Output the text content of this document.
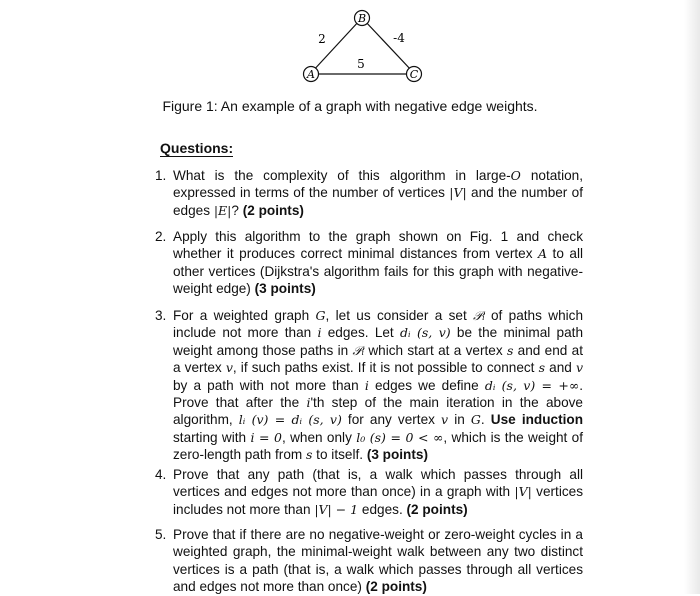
B
A	C
2	-4
5
Figure 1: An example of a graph with negative edge weights.
Questions:
1. What is the complexity of this algorithm in large-O notation, expressed in terms of the number of vertices |V| and the number of edges |E|? (2 points)
2. Apply this algorithm to the graph shown on Fig. 1 and check whether it produces correct minimal distances from vertex A to all other vertices (Dijkstra's algorithm fails for this graph with negative-weight edge) (3 points)
3. For a weighted graph G, let us consider a set 𝒫ᵢ of paths which include not more than i edges. Let dᵢ (s, v) be the minimal path weight among those paths in 𝒫ᵢ which start at a vertex s and end at a vertex v, if such paths exist. If it is not possible to connect s and v by a path with not more than i edges we define dᵢ (s, v) = +∞. Prove that after the i'th step of the main iteration in the above algorithm, lᵢ (v) = dᵢ (s, v) for any vertex v in G. Use induction starting with i = 0, when only l₀ (s) = 0 < ∞, which is the weight of zero-length path from s to itself. (3 points)
4. Prove that any path (that is, a walk which passes through all vertices and edges not more than once) in a graph with |V| vertices includes not more than |V| − 1 edges. (2 points)
5. Prove that if there are no negative-weight or zero-weight cycles in a weighted graph, the minimal-weight walk between any two distinct vertices is a path (that is, a walk which passes through all vertices and edges not more than once) (2 points)
